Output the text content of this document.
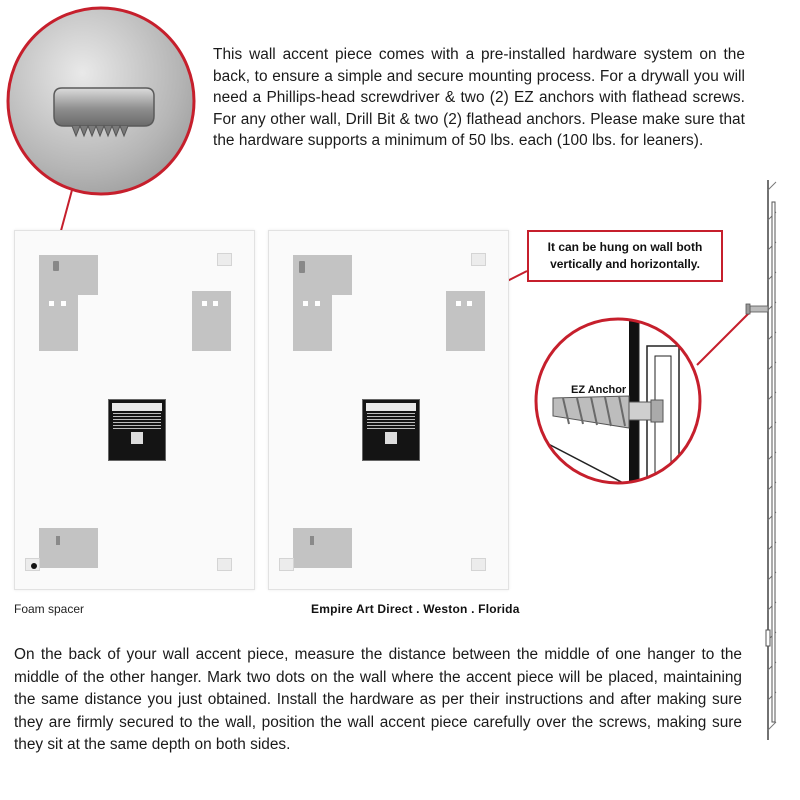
This wall accent piece comes with a pre-installed hardware system on the back, to ensure a simple and secure mounting process. For a drywall you will need a Phillips-head screwdriver & two (2) EZ anchors with flathead screws. For any other wall, Drill Bit & two (2) flathead anchors. Please make sure that the hardware supports a minimum of 50 lbs. each (100 lbs. for leaners).
Foam spacer	Empire Art Direct . Weston . Florida
It can be hung on wall both
vertically and horizontally.
EZ Anchor
On the back of your wall accent piece, measure the distance between the middle of one hanger to the middle of the other hanger. Mark two dots on the wall where the accent piece will be placed, maintaining the same distance you just obtained. Install the hardware as per their instructions and after making sure they are firmly secured to the wall, position the wall accent piece carefully over the screws, making sure they sit at the same depth on both sides.
